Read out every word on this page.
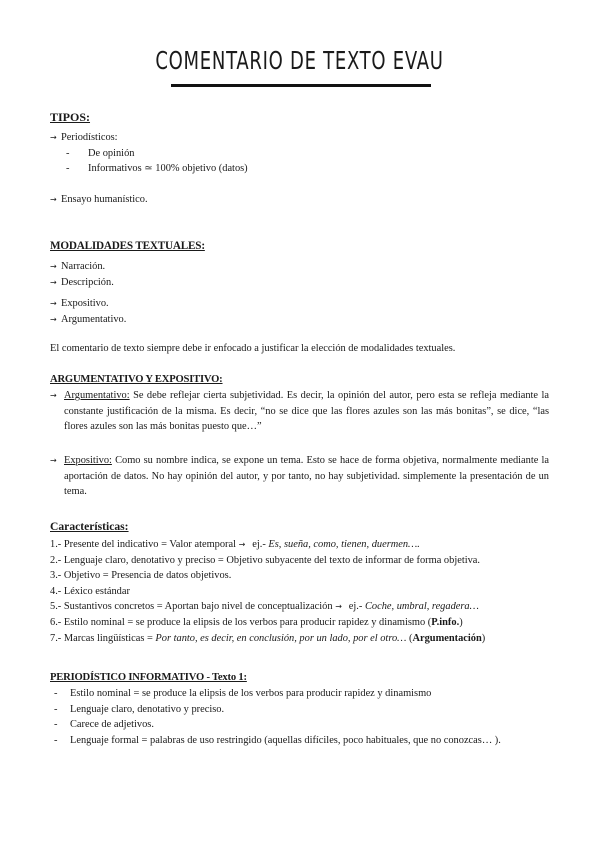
COMENTARIO DE TEXTO EVAU
TIPOS:
→ Periodísticos:
- De opinión
- Informativos ≃ 100% objetivo (datos)
→ Ensayo humanístico.
MODALIDADES TEXTUALES:
→ Narración.
→ Descripción.
→ Expositivo.
→ Argumentativo.
El comentario de texto siempre debe ir enfocado a justificar la elección de modalidades textuales.
ARGUMENTATIVO Y EXPOSITIVO:
→ Argumentativo: Se debe reflejar cierta subjetividad. Es decir, la opinión del autor, pero esta se refleja mediante la constante justificación de la misma. Es decir, “no se dice que las flores azules son las más bonitas”, se dice, “las flores azules son las más bonitas puesto que…”
→ Expositivo: Como su nombre indica, se expone un tema. Esto se hace de forma objetiva, normalmente mediante la aportación de datos. No hay opinión del autor, y por tanto, no hay subjetividad. simplemente la presentación de un tema.
Características:
1.- Presente del indicativo = Valor atemporal → ej.- Es, sueña, como, tienen, duermen….
2.- Lenguaje claro, denotativo y preciso = Objetivo subyacente del texto de informar de forma objetiva.
3.- Objetivo = Presencia de datos objetivos.
4.- Léxico estándar
5.- Sustantivos concretos = Aportan bajo nivel de conceptualización → ej.- Coche, umbral, regadera…
6.- Estilo nominal = se produce la elipsis de los verbos para producir rapidez y dinamismo (P.info.)
7.- Marcas lingüísticas = Por tanto, es decir, en conclusión, por un lado, por el otro… (Argumentación)
PERIODÍSTICO INFORMATIVO - Texto 1:
- Estilo nominal = se produce la elipsis de los verbos para producir rapidez y dinamismo
- Lenguaje claro, denotativo y preciso.
- Carece de adjetivos.
- Lenguaje formal = palabras de uso restringido (aquellas difíciles, poco habituales, que no conozcas… ).
